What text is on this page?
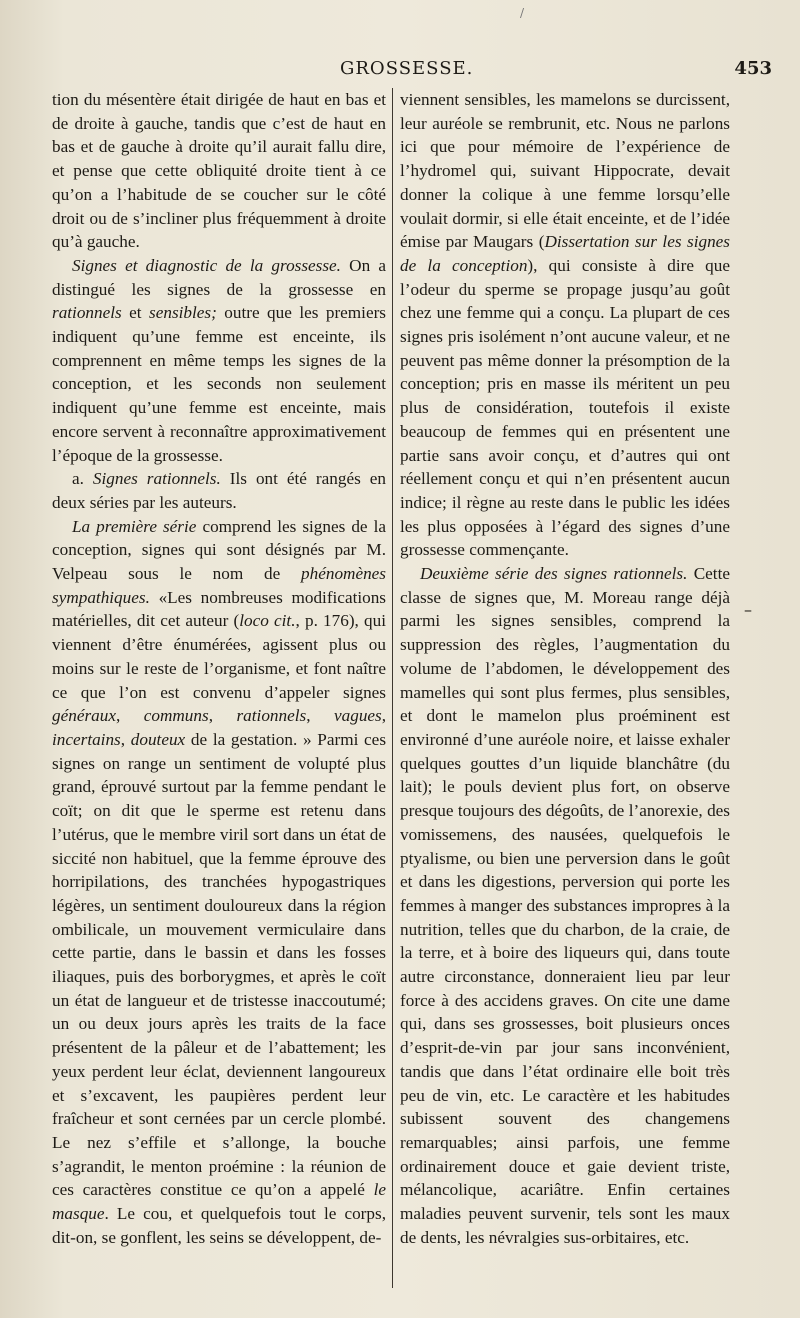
/
GROSSESSE.	453

tion du mésentère était dirigée de haut en bas et de droite à gauche, tandis que c’est de haut en bas et de gauche à droite qu’il aurait fallu dire, et pense que cette obliquité droite tient à ce qu’on a l’habitude de se coucher sur le côté droit ou de s’incliner plus fréquemment à droite qu’à gauche.

Signes et diagnostic de la grossesse. On a distingué les signes de la grossesse en rationnels et sensibles; outre que les premiers indiquent qu’une femme est enceinte, ils comprennent en même temps les signes de la conception, et les seconds non seulement indiquent qu’une femme est enceinte, mais encore servent à reconnaître approximativement l’époque de la grossesse.

a. Signes rationnels. Ils ont été rangés en deux séries par les auteurs.

La première série comprend les signes de la conception, signes qui sont désignés par M. Velpeau sous le nom de phénomènes sympathiques. «Les nombreuses modifications matérielles, dit cet auteur (loco cit., p. 176), qui viennent d’être énumérées, agissent plus ou moins sur le reste de l’organisme, et font naître ce que l’on est convenu d’appeler signes généraux, communs, rationnels, vagues, incertains, douteux de la gestation. » Parmi ces signes on range un sentiment de volupté plus grand, éprouvé surtout par la femme pendant le coït; on dit que le sperme est retenu dans l’utérus, que le membre viril sort dans un état de siccité non habituel, que la femme éprouve des horripilations, des tranchées hypogastriques légères, un sentiment douloureux dans la région ombilicale, un mouvement vermiculaire dans cette partie, dans le bassin et dans les fosses iliaques, puis des borborygmes, et après le coït un état de langueur et de tristesse inaccoutumé; un ou deux jours après les traits de la face présentent de la pâleur et de l’abattement; les yeux perdent leur éclat, deviennent langoureux et s’excavent, les paupières perdent leur fraîcheur et sont cernées par un cercle plombé. Le nez s’effile et s’allonge, la bouche s’agrandit, le menton proémine : la réunion de ces caractères constitue ce qu’on a appelé le masque. Le cou, et quelquefois tout le corps, dit-on, se gonflent, les seins se développent, de-

viennent sensibles, les mamelons se durcissent, leur auréole se rembrunit, etc. Nous ne parlons ici que pour mémoire de l’expérience de l’hydromel qui, suivant Hippocrate, devait donner la colique à une femme lorsqu’elle voulait dormir, si elle était enceinte, et de l’idée émise par Maugars (Dissertation sur les signes de la conception), qui consiste à dire que l’odeur du sperme se propage jusqu’au goût chez une femme qui a conçu. La plupart de ces signes pris isolément n’ont aucune valeur, et ne peuvent pas même donner la présomption de la conception; pris en masse ils méritent un peu plus de considération, toutefois il existe beaucoup de femmes qui en présentent une partie sans avoir conçu, et d’autres qui ont réellement conçu et qui n’en présentent aucun indice; il règne au reste dans le public les idées les plus opposées à l’égard des signes d’une grossesse commençante.

Deuxième série des signes rationnels. Cette classe de signes que, M. Moreau range déjà parmi les signes sensibles, comprend la suppression des règles, l’augmentation du volume de l’abdomen, le développement des mamelles qui sont plus fermes, plus sensibles, et dont le mamelon plus proéminent est environné d’une auréole noire, et laisse exhaler quelques gouttes d’un liquide blanchâtre (du lait); le pouls devient plus fort, on observe presque toujours des dégoûts, de l’anorexie, des vomissemens, des nausées, quelquefois le ptyalisme, ou bien une perversion dans le goût et dans les digestions, perversion qui porte les femmes à manger des substances impropres à la nutrition, telles que du charbon, de la craie, de la terre, et à boire des liqueurs qui, dans toute autre circonstance, donneraient lieu par leur force à des accidens graves. On cite une dame qui, dans ses grossesses, boit plusieurs onces d’esprit-de-vin par jour sans inconvénient, tandis que dans l’état ordinaire elle boit très peu de vin, etc. Le caractère et les habitudes subissent souvent des changemens remarquables; ainsi parfois, une femme ordinairement douce et gaie devient triste, mélancolique, acariâtre. Enfin certaines maladies peuvent survenir, tels sont les maux de dents, les névralgies sus-orbitaires, etc.

–
